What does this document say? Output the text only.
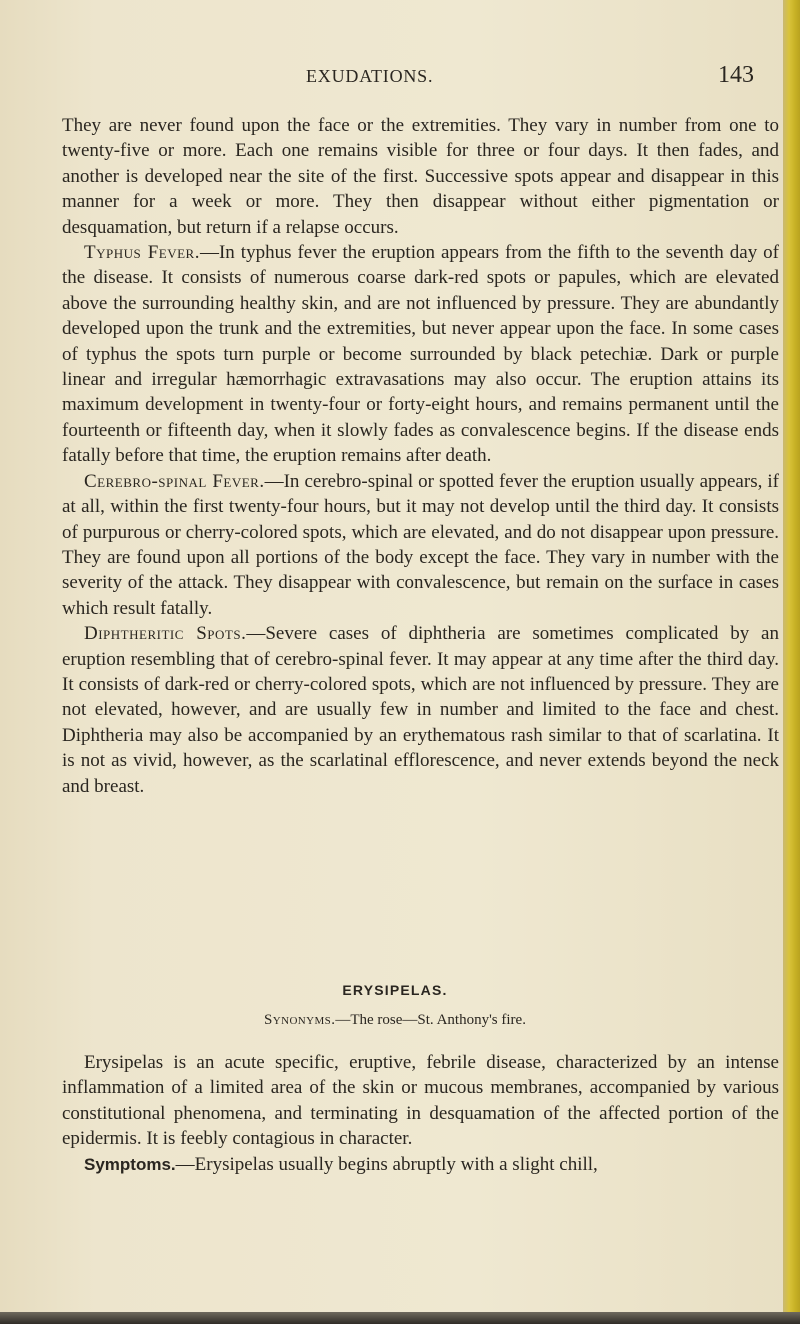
EXUDATIONS.	143

They are never found upon the face or the extremities. They vary in number from one to twenty-five or more. Each one remains visible for three or four days. It then fades, and another is developed near the site of the first. Successive spots appear and disappear in this manner for a week or more. They then disappear without either pigmentation or desquamation, but return if a relapse occurs.

Typhus Fever.—In typhus fever the eruption appears from the fifth to the seventh day of the disease. It consists of numerous coarse dark-red spots or papules, which are elevated above the surrounding healthy skin, and are not influenced by pressure. They are abundantly developed upon the trunk and the extremities, but never appear upon the face. In some cases of typhus the spots turn purple or become surrounded by black petechiæ. Dark or purple linear and irregular hæmorrhagic extravasations may also occur. The eruption attains its maximum development in twenty-four or forty-eight hours, and remains permanent until the fourteenth or fifteenth day, when it slowly fades as convalescence begins. If the disease ends fatally before that time, the eruption remains after death.

Cerebro-spinal Fever.—In cerebro-spinal or spotted fever the eruption usually appears, if at all, within the first twenty-four hours, but it may not develop until the third day. It consists of purpurous or cherry-colored spots, which are elevated, and do not disappear upon pressure. They are found upon all portions of the body except the face. They vary in number with the severity of the attack. They disappear with convalescence, but remain on the surface in cases which result fatally.

Diphtheritic Spots.—Severe cases of diphtheria are sometimes complicated by an eruption resembling that of cerebro-spinal fever. It may appear at any time after the third day. It consists of dark-red or cherry-colored spots, which are not influenced by pressure. They are not elevated, however, and are usually few in number and limited to the face and chest. Diphtheria may also be accompanied by an erythematous rash similar to that of scarlatina. It is not as vivid, however, as the scarlatinal efflorescence, and never extends beyond the neck and breast.

ERYSIPELAS.
Synonyms.—The rose—St. Anthony's fire.

Erysipelas is an acute specific, eruptive, febrile disease, characterized by an intense inflammation of a limited area of the skin or mucous membranes, accompanied by various constitutional phenomena, and terminating in desquamation of the affected portion of the epidermis. It is feebly contagious in character.

Symptoms.—Erysipelas usually begins abruptly with a slight chill,
